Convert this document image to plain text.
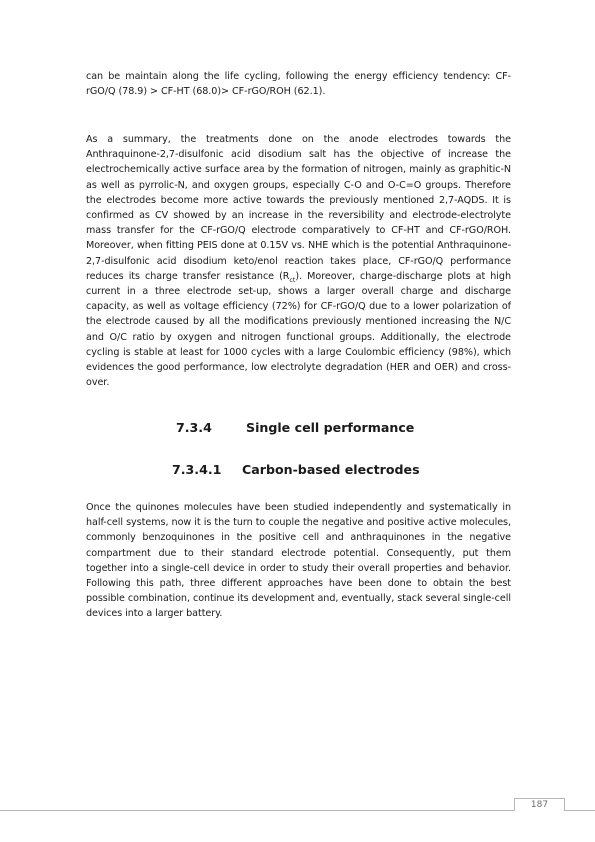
can be maintain along the life cycling, following the energy efficiency tendency: CF-rGO/Q (78.9) > CF-HT (68.0)> CF-rGO/ROH (62.1).

As a summary, the treatments done on the anode electrodes towards the Anthraquinone-2,7-disulfonic acid disodium salt has the objective of increase the electrochemically active surface area by the formation of nitrogen, mainly as graphitic-N as well as pyrrolic-N, and oxygen groups, especially C-O and O-C=O groups. Therefore the electrodes become more active towards the previously mentioned 2,7-AQDS. It is confirmed as CV showed by an increase in the reversibility and electrode-electrolyte mass transfer for the CF-rGO/Q electrode comparatively to CF-HT and CF-rGO/ROH. Moreover, when fitting PEIS done at 0.15V vs. NHE which is the potential Anthraquinone-2,7-disulfonic acid disodium keto/enol reaction takes place, CF-rGO/Q performance reduces its charge transfer resistance $(R_{ct})$. Moreover, charge-discharge plots at high current in a three electrode set-up, shows a larger overall charge and discharge capacity, as well as voltage efficiency (72%) for CF-rGO/Q due to a lower polarization of the electrode caused by all the modifications previously mentioned increasing the N/C and O/C ratio by oxygen and nitrogen functional groups. Additionally, the electrode cycling is stable at least for 1000 cycles with a large Coulombic efficiency (98%), which evidences the good performance, low electrolyte degradation (HER and OER) and cross-over.

7.3.4	Single cell performance
7.3.4.1 Carbon-based electrodes

Once the quinones molecules have been studied independently and systematically in half-cell systems, now it is the turn to couple the negative and positive active molecules, commonly benzoquinones in the positive cell and anthraquinones in the negative compartment due to their standard electrode potential. Consequently, put them together into a single-cell device in order to study their overall properties and behavior. Following this path, three different approaches have been done to obtain the best possible combination, continue its development and, eventually, stack several single-cell devices into a larger battery.

187
